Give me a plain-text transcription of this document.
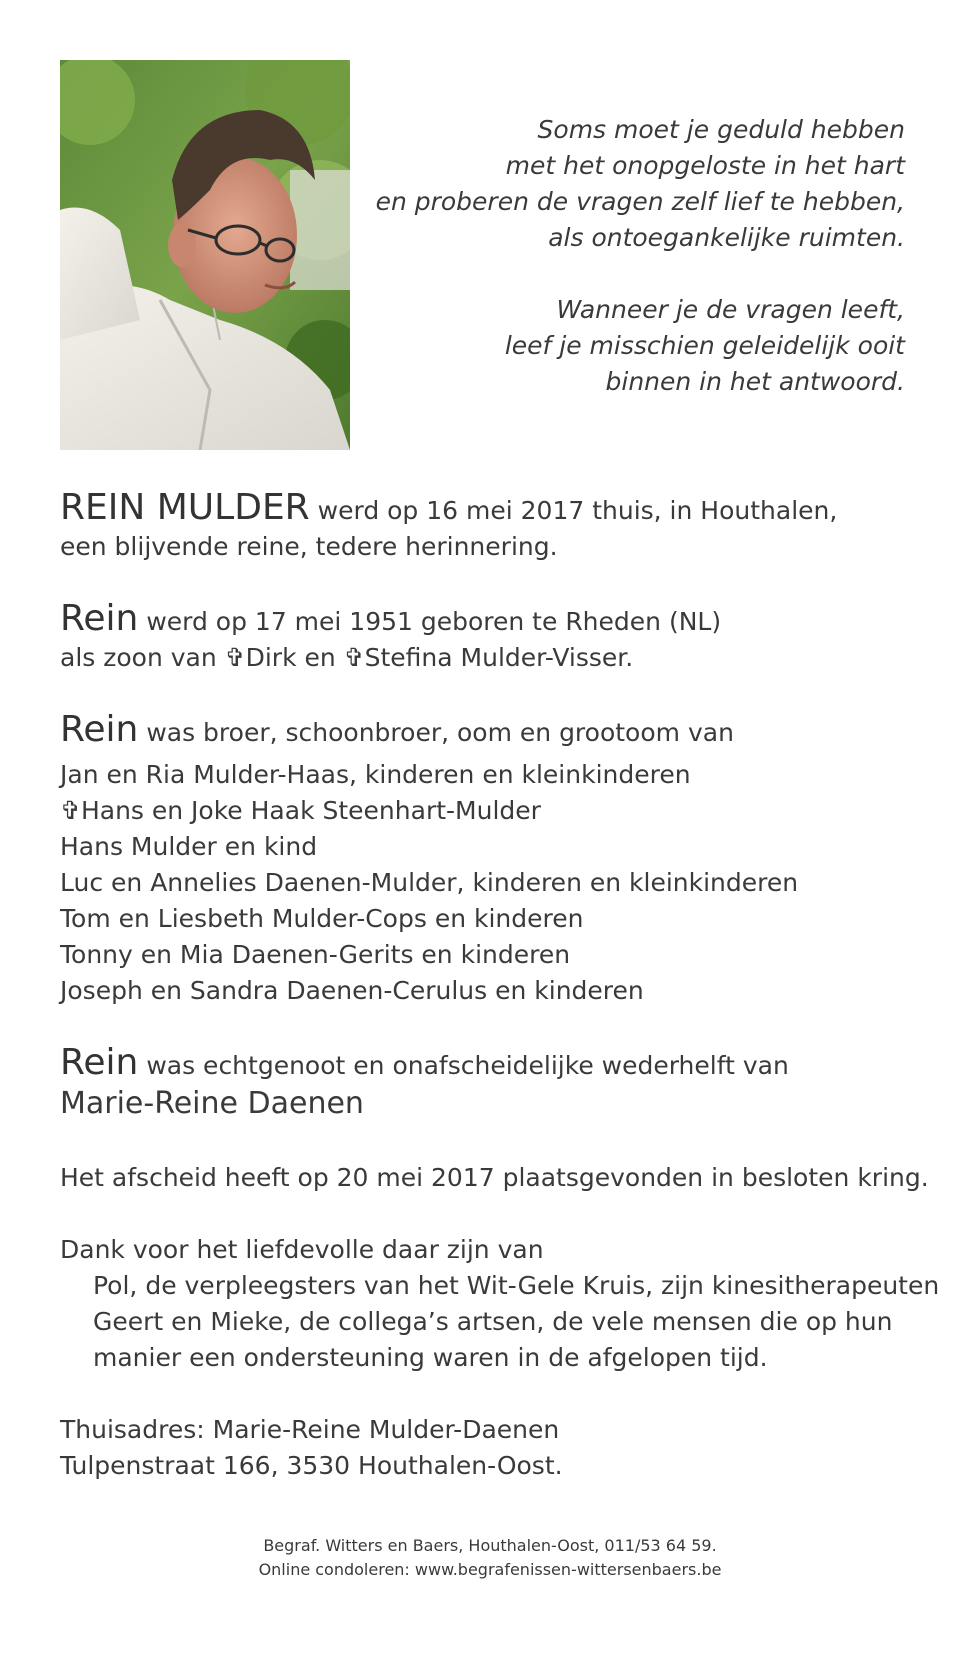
Soms moet je geduld hebben
met het onopgeloste in het hart
en proberen de vragen zelf lief te hebben,
als ontoegankelijke ruimten.
Wanneer je de vragen leeft,
leef je misschien geleidelijk ooit
binnen in het antwoord.
REIN MULDER werd op 16 mei 2017 thuis, in Houthalen,
een blijvende reine, tedere herinnering.
Rein werd op 17 mei 1951 geboren te Rheden (NL)
als zoon van ✞Dirk en ✞Stefina Mulder-Visser.
Rein was broer, schoonbroer, oom en grootoom van
Jan en Ria Mulder-Haas, kinderen en kleinkinderen
✞Hans en Joke Haak Steenhart-Mulder
Hans Mulder en kind
Luc en Annelies Daenen-Mulder, kinderen en kleinkinderen
Tom en Liesbeth Mulder-Cops en kinderen
Tonny en Mia Daenen-Gerits en kinderen
Joseph en Sandra Daenen-Cerulus en kinderen
Rein was echtgenoot en onafscheidelijke wederhelft van
Marie-Reine Daenen
Het afscheid heeft op 20 mei 2017 plaatsgevonden in besloten kring.
Dank voor het liefdevolle daar zijn van
Pol, de verpleegsters van het Wit-Gele Kruis, zijn kinesitherapeuten
Geert en Mieke, de collega’s artsen, de vele mensen die op hun
manier een ondersteuning waren in de afgelopen tijd.
Thuisadres: Marie-Reine Mulder-Daenen
Tulpenstraat 166, 3530 Houthalen-Oost.
Begraf. Witters en Baers, Houthalen-Oost, 011/53 64 59.
Online condoleren: www.begrafenissen-wittersenbaers.be
